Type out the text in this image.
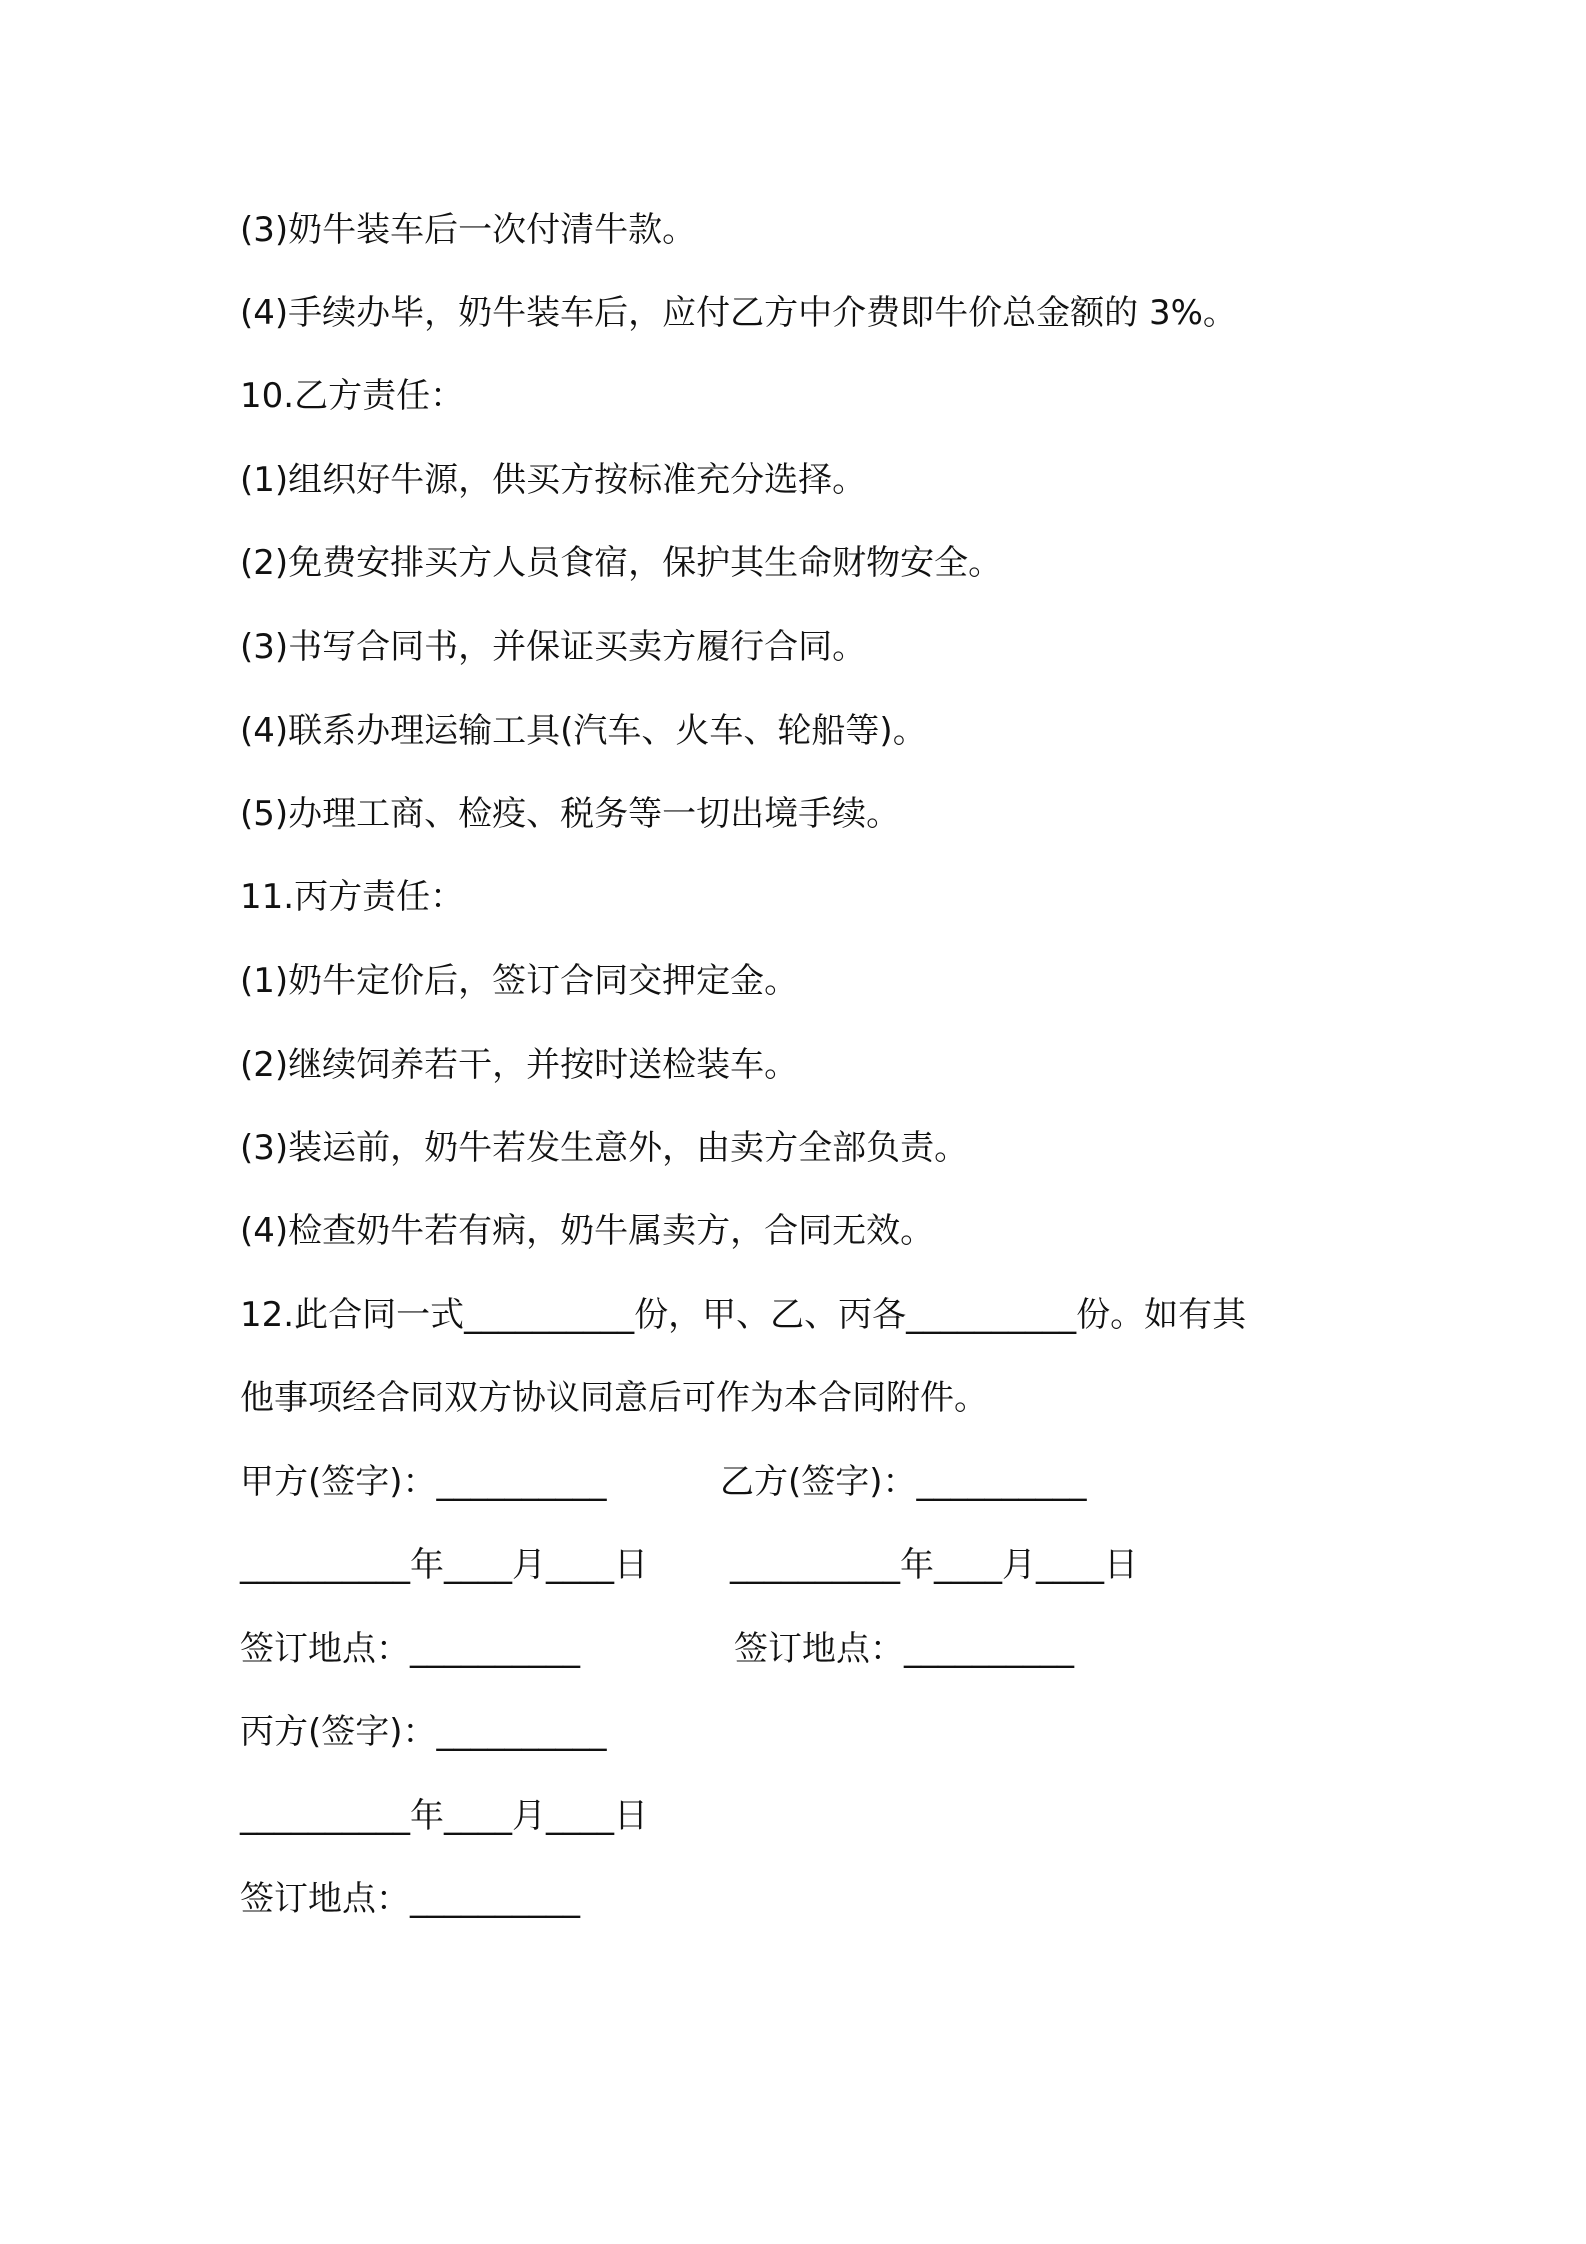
(3)奶牛装车后一次付清牛款。
(4)手续办毕，奶牛装车后，应付乙方中介费即牛价总金额的 3%。
10.乙方责任：
(1)组织好牛源，供买方按标准充分选择。
(2)免费安排买方人员食宿，保护其生命财物安全。
(3)书写合同书，并保证买卖方履行合同。
(4)联系办理运输工具(汽车、火车、轮船等)。
(5)办理工商、检疫、税务等一切出境手续。
11.丙方责任：
(1)奶牛定价后，签订合同交押定金。
(2)继续饲养若干，并按时送检装车。
(3)装运前，奶牛若发生意外，由卖方全部负责。
(4)检查奶牛若有病，奶牛属卖方，合同无效。
12.此合同一式__________份，甲、乙、丙各__________份。如有其
他事项经合同双方协议同意后可作为本合同附件。
甲方(签字)：__________	乙方(签字)：__________
__________年____月____日 __________年____月____日
签订地点：__________	签订地点：__________
丙方(签字)：__________
__________年____月____日
签订地点：__________
